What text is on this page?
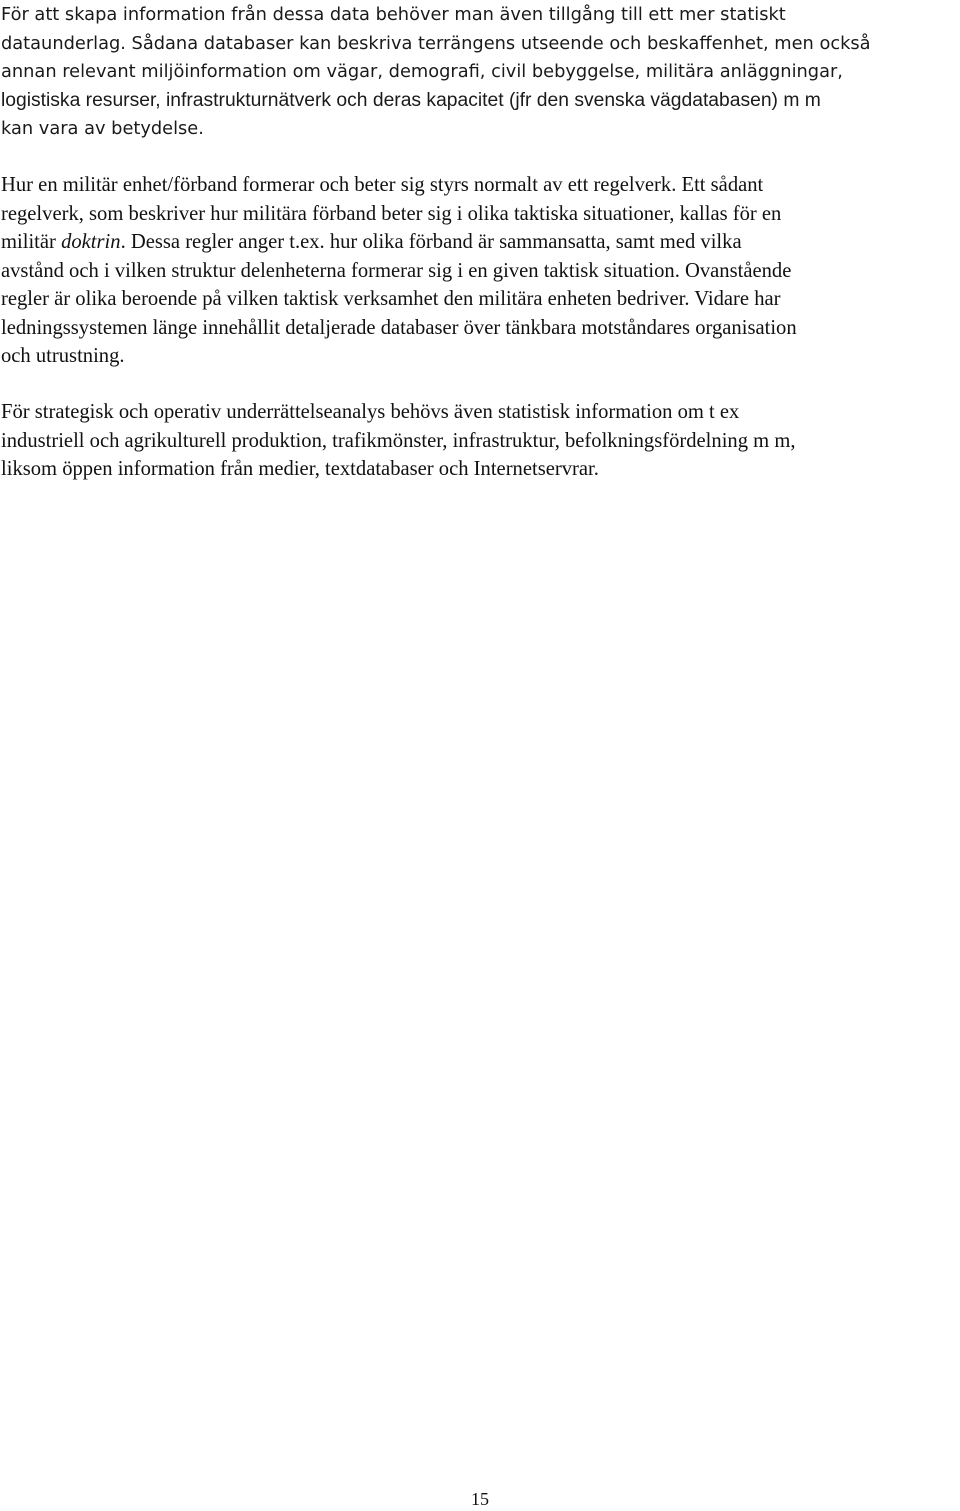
För att skapa information från dessa data behöver man även tillgång till ett mer statiskt
dataunderlag. Sådana databaser kan beskriva terrängens utseende och beskaffenhet, men också
annan relevant miljöinformation om vägar, demografi, civil bebyggelse, militära anläggningar,
logistiska resurser, infrastrukturnätverk och deras kapacitet (jfr den svenska vägdatabasen) m m
kan vara av betydelse.
Hur en militär enhet/förband formerar och beter sig styrs normalt av ett regelverk. Ett sådant
regelverk, som beskriver hur militära förband beter sig i olika taktiska situationer, kallas för en
militär doktrin. Dessa regler anger t.ex. hur olika förband är sammansatta, samt med vilka
avstånd och i vilken struktur delenheterna formerar sig i en given taktisk situation. Ovanstående
regler är olika beroende på vilken taktisk verksamhet den militära enheten bedriver. Vidare har
ledningssystemen länge innehållit detaljerade databaser över tänkbara motståndares organisation
och utrustning.
För strategisk och operativ underrättelseanalys behövs även statistisk information om t ex
industriell och agrikulturell produktion, trafikmönster, infrastruktur, befolkningsfördelning m m,
liksom öppen information från medier, textdatabaser och Internetservrar.
15
